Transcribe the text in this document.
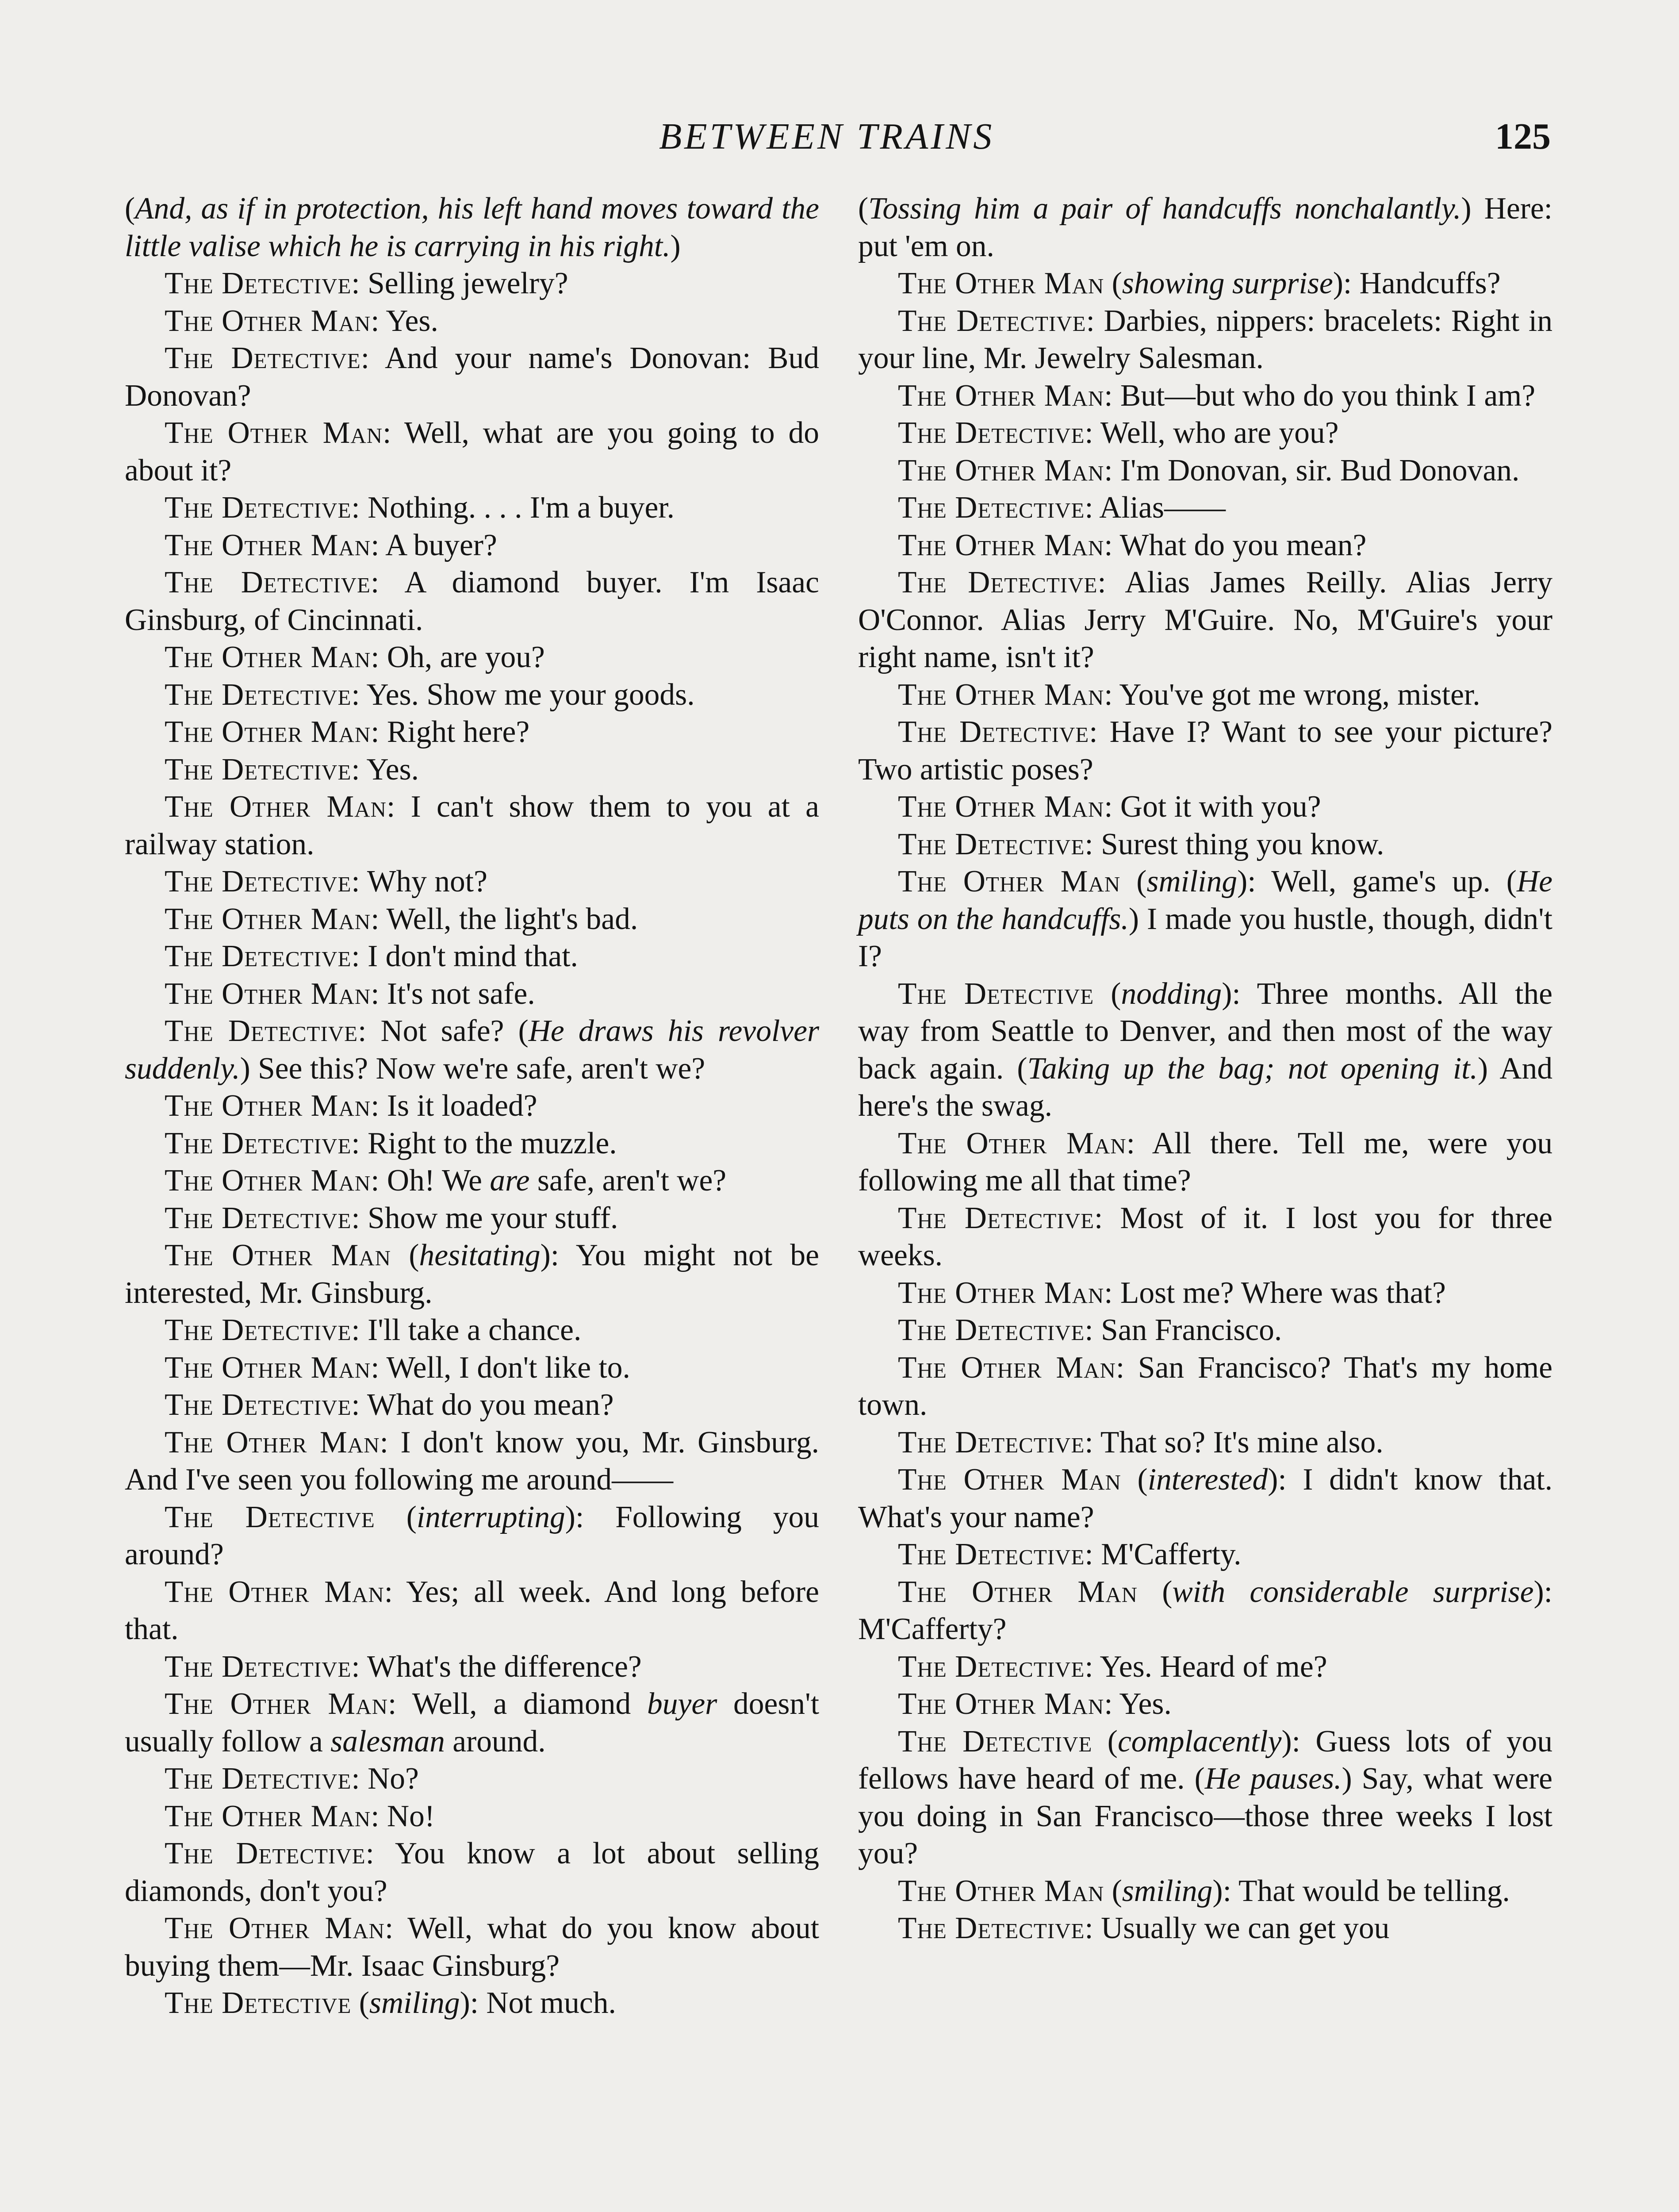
BETWEEN TRAINS	125

(And, as if in protection, his left hand moves toward the little valise which he is carrying in his right.)

The Detective: Selling jewelry?

The Other Man: Yes.

The Detective: And your name's Donovan: Bud Donovan?

The Other Man: Well, what are you going to do about it?

The Detective: Nothing. . . . I'm a buyer.

The Other Man: A buyer?

The Detective: A diamond buyer. I'm Isaac Ginsburg, of Cincinnati.

The Other Man: Oh, are you?

The Detective: Yes. Show me your goods.

The Other Man: Right here?

The Detective: Yes.

The Other Man: I can't show them to you at a railway station.

The Detective: Why not?

The Other Man: Well, the light's bad.

The Detective: I don't mind that.

The Other Man: It's not safe.

The Detective: Not safe? (He draws his revolver suddenly.) See this? Now we're safe, aren't we?

The Other Man: Is it loaded?

The Detective: Right to the muzzle.

The Other Man: Oh! We are safe, aren't we?

The Detective: Show me your stuff.

The Other Man (hesitating): You might not be interested, Mr. Ginsburg.

The Detective: I'll take a chance.

The Other Man: Well, I don't like to.

The Detective: What do you mean?

The Other Man: I don't know you, Mr. Ginsburg. And I've seen you following me around——

The Detective (interrupting): Following you around?

The Other Man: Yes; all week. And long before that.

The Detective: What's the difference?

The Other Man: Well, a diamond buyer doesn't usually follow a salesman around.

The Detective: No?

The Other Man: No!

The Detective: You know a lot about selling diamonds, don't you?

The Other Man: Well, what do you know about buying them—Mr. Isaac Ginsburg?

The Detective (smiling): Not much.

(Tossing him a pair of handcuffs nonchalantly.) Here: put 'em on.

The Other Man (showing surprise): Handcuffs?

The Detective: Darbies, nippers: bracelets: Right in your line, Mr. Jewelry Salesman.

The Other Man: But—but who do you think I am?

The Detective: Well, who are you?

The Other Man: I'm Donovan, sir. Bud Donovan.

The Detective: Alias——

The Other Man: What do you mean?

The Detective: Alias James Reilly. Alias Jerry O'Connor. Alias Jerry M'Guire. No, M'Guire's your right name, isn't it?

The Other Man: You've got me wrong, mister.

The Detective: Have I? Want to see your picture? Two artistic poses?

The Other Man: Got it with you?

The Detective: Surest thing you know.

The Other Man (smiling): Well, game's up. (He puts on the handcuffs.) I made you hustle, though, didn't I?

The Detective (nodding): Three months. All the way from Seattle to Denver, and then most of the way back again. (Taking up the bag; not opening it.) And here's the swag.

The Other Man: All there. Tell me, were you following me all that time?

The Detective: Most of it. I lost you for three weeks.

The Other Man: Lost me? Where was that?

The Detective: San Francisco.

The Other Man: San Francisco? That's my home town.

The Detective: That so? It's mine also.

The Other Man (interested): I didn't know that. What's your name?

The Detective: M'Cafferty.

The Other Man (with considerable surprise): M'Cafferty?

The Detective: Yes. Heard of me?

The Other Man: Yes.

The Detective (complacently): Guess lots of you fellows have heard of me. (He pauses.) Say, what were you doing in San Francisco—those three weeks I lost you?

The Other Man (smiling): That would be telling.

The Detective: Usually we can get you
